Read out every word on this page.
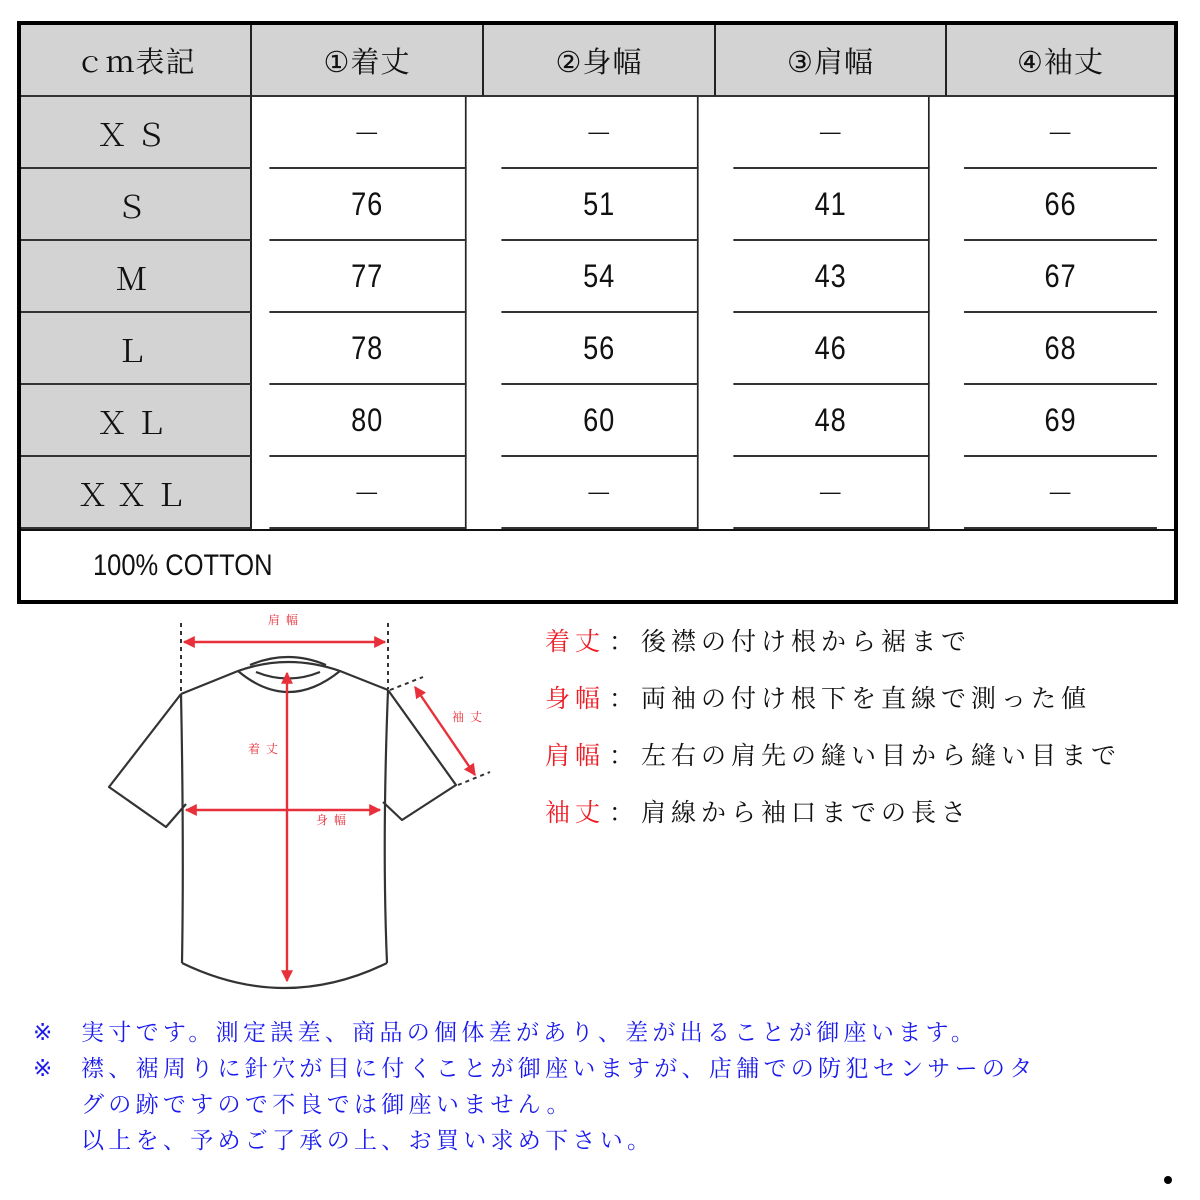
ｃｍ表記	①着丈	②身幅	③肩幅	④袖丈
ＸＳ	－	－	－	－
Ｓ	76	51	41	66
Ｍ	77	54	43	67
Ｌ	78	56	46	68
ＸＬ	80	60	48	69
ＸＸＬ	－	－	－	－
100% COTTON
肩幅
袖丈
着丈
身幅
着丈 ： 後襟の付け根から裾まで
身幅 ： 両袖の付け根下を直線で測った値
肩幅 ： 左右の肩先の縫い目から縫い目まで
袖丈 ： 肩線から袖口までの長さ
※ 実寸です。測定誤差、商品の個体差があり、差が出ることが御座います。
※ 襟、裾周りに針穴が目に付くことが御座いますが、店舗での防犯センサーのタ
グの跡ですので不良では御座いません。
以上を、予めご了承の上、お買い求め下さい。
